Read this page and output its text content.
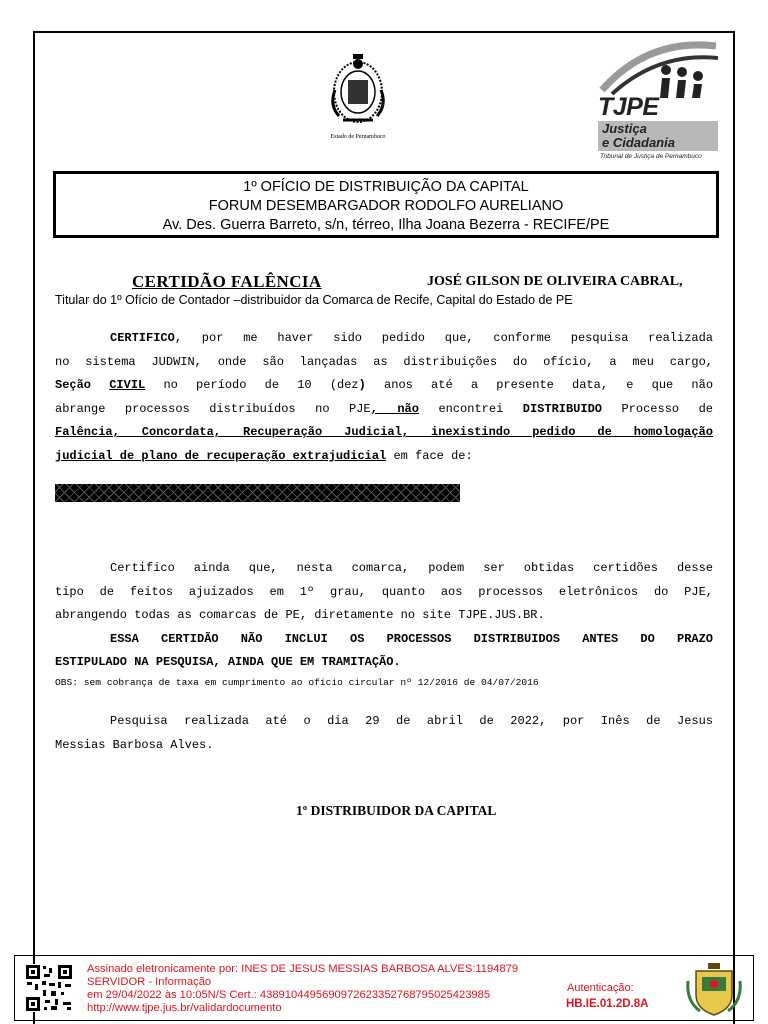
Estado de Pernambuco
TJPE
Justiça
e Cidadania
Tribunal de Justiça de Pernambuco
1º OFÍCIO DE DISTRIBUIÇÃO DA CAPITAL
FORUM DESEMBARGADOR RODOLFO AURELIANO
Av. Des. Guerra Barreto, s/n, térreo, Ilha Joana Bezerra - RECIFE/PE
CERTIDÃO FALÊNCIA	JOSÉ GILSON DE OLIVEIRA CABRAL,
Titular do 1º Ofício de Contador –distribuidor da Comarca de Recife, Capital do Estado de PE
CERTIFICO, por me haver sido pedido que, conforme pesquisa realizada
no sistema JUDWIN, onde são lançadas as distribuições do ofício, a meu cargo,
Seção CIVIL no período de 10 (dez) anos até a presente data, e que não
abrange processos distribuídos no PJE, não encontrei DISTRIBUIDO Processo de
Falência, Concordata, Recuperação Judicial, inexistindo pedido de homologação
judicial de plano de recuperação extrajudicial em face de:
Certifico ainda que, nesta comarca, podem ser obtidas certidões desse
tipo de feitos ajuizados em 1º grau, quanto aos processos eletrônicos do PJE,
abrangendo todas as comarcas de PE, diretamente no site TJPE.JUS.BR.
ESSA CERTIDÃO NÃO INCLUI OS PROCESSOS DISTRIBUIDOS ANTES DO PRAZO
ESTIPULADO NA PESQUISA, AINDA QUE EM TRAMITAÇÃO.
OBS: sem cobrança de taxa em cumprimento ao ofício circular nº 12/2016 de 04/07/2016
Pesquisa realizada até o dia 29 de abril de 2022, por Inês de Jesus
Messias Barbosa Alves.
1º DISTRIBUIDOR DA CAPITAL
Assinado eletronicamente por: INES DE JESUS MESSIAS BARBOSA ALVES:1194879
SERVIDOR - Informação
em 29/04/2022 às 10:05N/S Cert.: 4389104495690972623352768795025423985
http://www.tjpe.jus.br/validardocumento
Autenticação:
HB.IE.01.2D.8A
